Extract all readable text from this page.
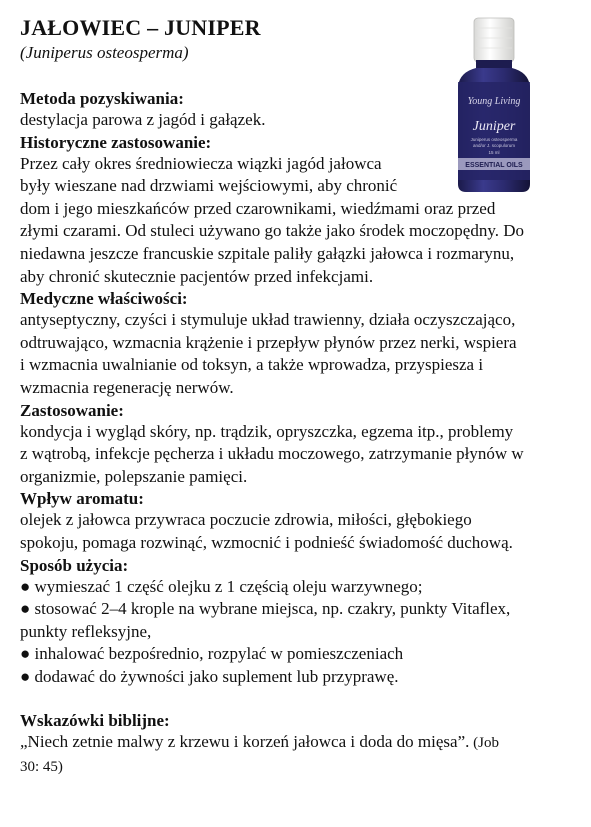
Young Living
Juniper
Juniperus osteosperma
and/or J. scopulorum
15 ml
ESSENTIAL OILS
JAŁOWIEC – JUNIPER

(Juniperus osteosperma)

Metoda pozyskiwania:

destylacja parowa z jagód i gałązek.

Historyczne zastosowanie:

Przez cały okres średniowiecza wiązki jagód jałowca

były wieszane nad drzwiami wejściowymi, aby chronić

dom i jego mieszkańców przed czarownikami, wiedźmami oraz przed

złymi czarami. Od stuleci używano go także jako środek moczopędny. Do

niedawna jeszcze francuskie szpitale paliły gałązki jałowca i rozmarynu,

aby chronić skutecznie pacjentów przed infekcjami.

Medyczne właściwości:

antyseptyczny, czyści i stymuluje układ trawienny, działa oczyszczająco,

odtruwająco, wzmacnia krążenie i przepływ płynów przez nerki, wspiera

i wzmacnia uwalnianie od toksyn, a także wprowadza, przyspiesza i

wzmacnia regenerację nerwów.

Zastosowanie:

kondycja i wygląd skóry, np. trądzik, opryszczka, egzema itp., problemy

z wątrobą, infekcje pęcherza i układu moczowego, zatrzymanie płynów w

organizmie, polepszanie pamięci.

Wpływ aromatu:

olejek z jałowca przywraca poczucie zdrowia, miłości, głębokiego

spokoju, pomaga rozwinąć, wzmocnić i podnieść świadomość duchową.

Sposób użycia:

● wymieszać 1 część olejku z 1 częścią oleju warzywnego;

● stosować 2–4 krople na wybrane miejsca, np. czakry, punkty Vitaflex,

punkty refleksyjne,

● inhalować bezpośrednio, rozpylać w pomieszczeniach

● dodawać do żywności jako suplement lub przyprawę.

Wskazówki biblijne:

„Niech zetnie malwy z krzewu i korzeń jałowca i doda do mięsa”. (Job

30: 45)
